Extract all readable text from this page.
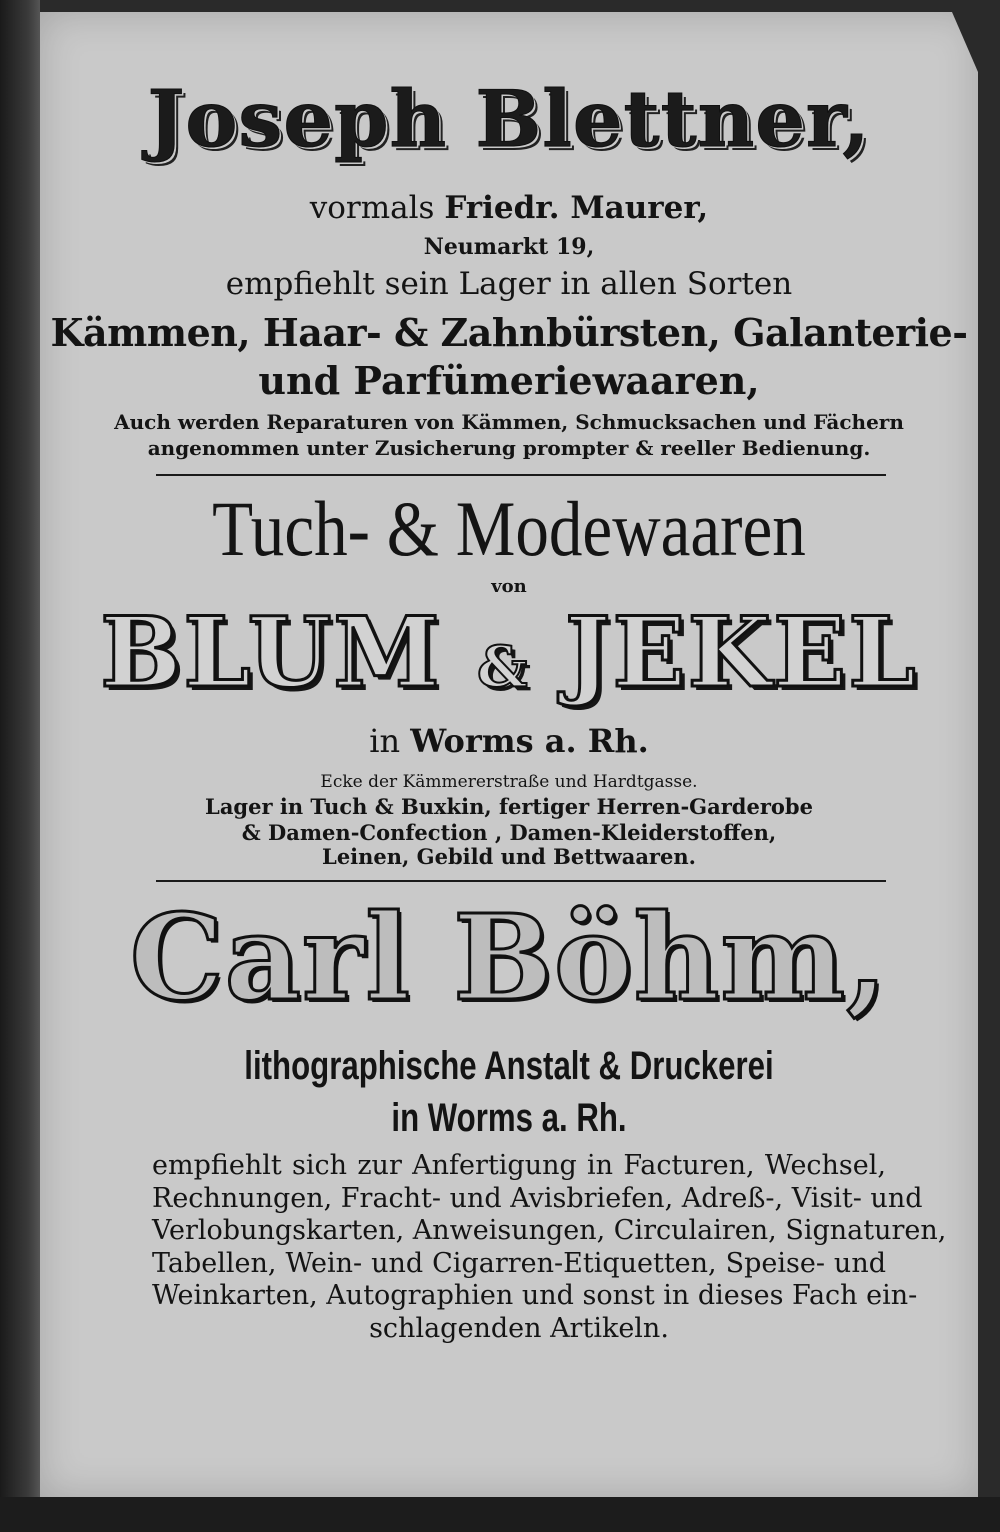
Joseph Blettner,
vormals Friedr. Maurer,
Neumarkt 19,
empfiehlt sein Lager in allen Sorten
Kämmen, Haar- & Zahnbürsten, Galanterie-
und Parfümeriewaaren,
Auch werden Reparaturen von Kämmen, Schmucksachen und Fächern
angenommen unter Zusicherung prompter & reeller Bedienung.
Tuch- & Modewaaren
von
BLUM & JEKEL
in Worms a. Rh.
Ecke der Kämmererstraße und Hardtgasse.
Lager in Tuch & Buxkin, fertiger Herren-Garderobe
& Damen-Confection , Damen-Kleiderstoffen,
Leinen, Gebild und Bettwaaren.
Carl Böhm,
lithographische Anstalt & Druckerei
in Worms a. Rh.
empfiehlt sich zur Anfertigung in Facturen, Wechsel,
Rechnungen, Fracht- und Avisbriefen, Adreß-, Visit- und
Verlobungskarten, Anweisungen, Circulairen, Signaturen,
Tabellen, Wein- und Cigarren-Etiquetten, Speise- und
Weinkarten, Autographien und sonst in dieses Fach ein-
schlagenden Artikeln.
